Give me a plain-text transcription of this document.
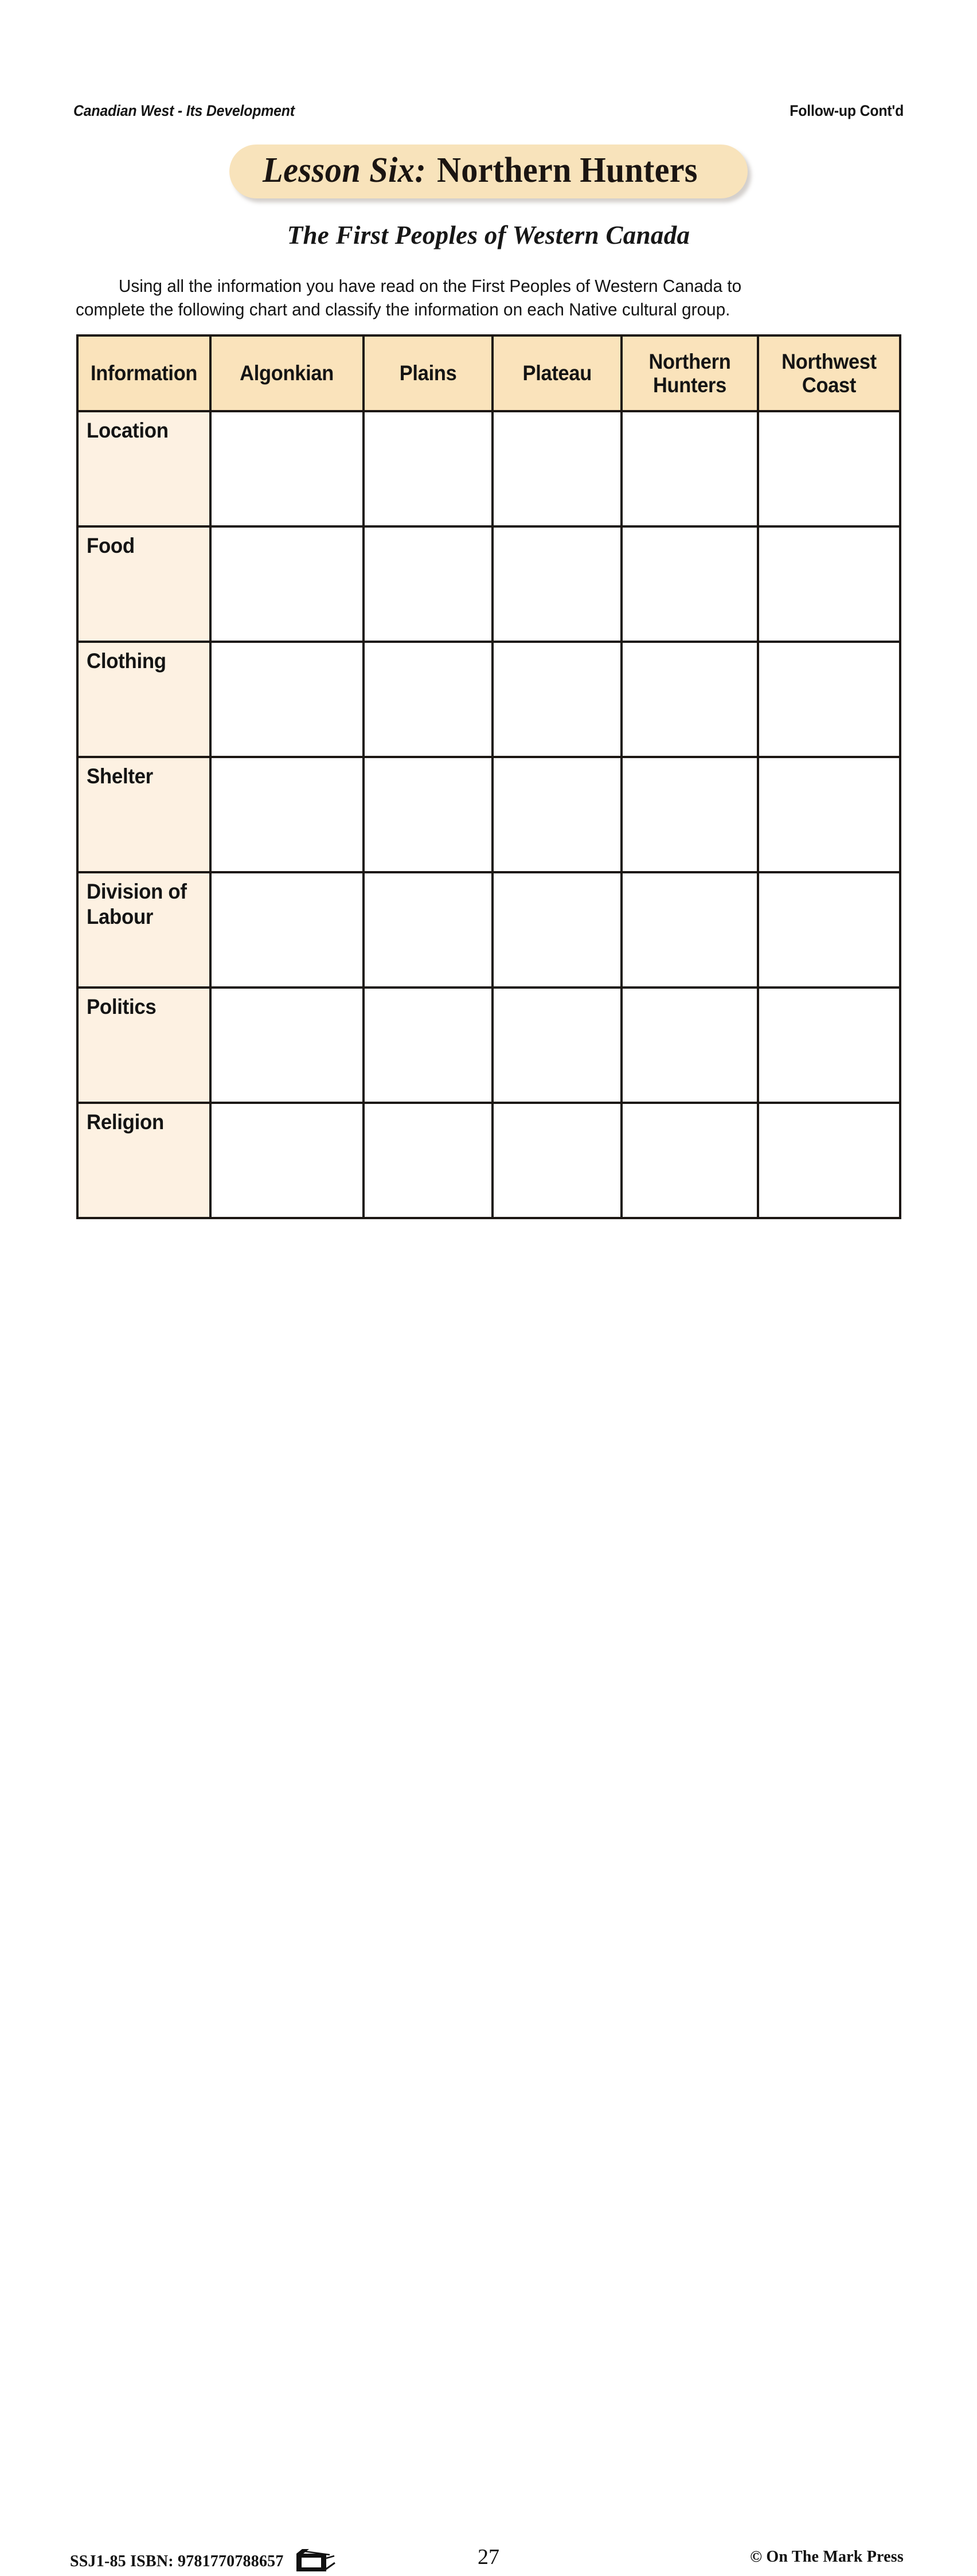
Canadian West - Its Development	Follow-up Cont'd
Lesson Six:Northern Hunters
The First Peoples of Western Canada
Using all the information you have read on the First Peoples of Western Canada to complete the following chart and classify the information on each Native cultural group.
Information	Algonkian	Plains	Plateau	Northern Hunters	Northwest Coast
Location					
Food					
Clothing					
Shelter					
Division of Labour					
Politics					
Religion					
SSJ1-85 ISBN: 9781770788657	27	© On The Mark Press
